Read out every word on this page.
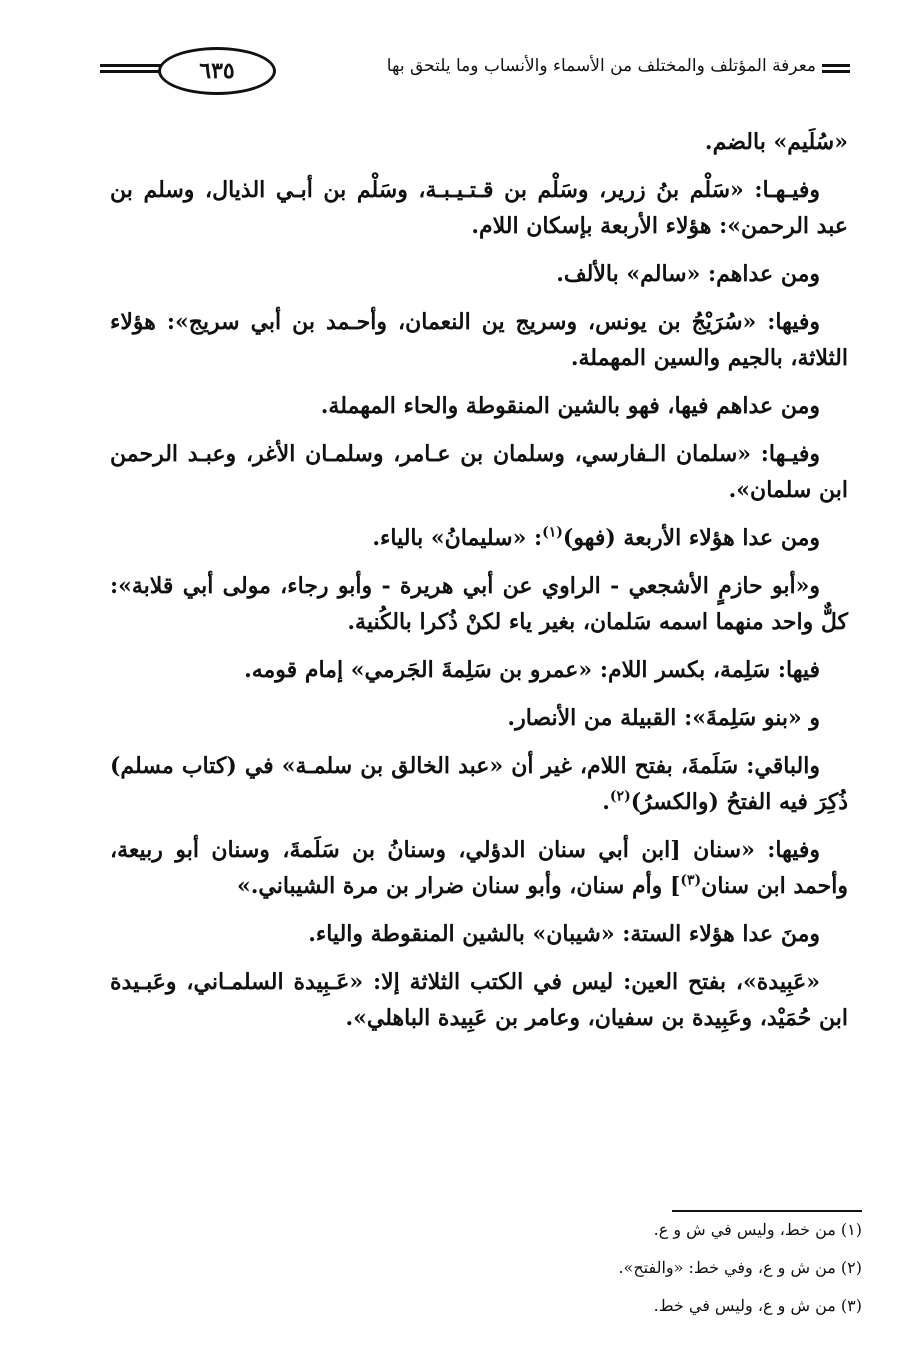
٦٣٥	معرفة المؤتلف والمختلف من الأسماء والأنساب وما يلتحق بها

«سُلَيم» بالضم.

وفيـهـا: «سَلْم بنُ زرير، وسَلْم بن قـتـيـبـة، وسَلْم بن أبـي الذيال، وسلم بن عبد الرحمن»: هؤلاء الأربعة بإسكان اللام.

ومن عداهم: «سالم» بالألف.

وفيها: «سُرَيْجُ بن يونس، وسريج ين النعمان، وأحـمد بن أبي سريج»: هؤلاء الثلاثة، بالجيم والسين المهملة.

ومن عداهم فيها، فهو بالشين المنقوطة والحاء المهملة.

وفيـها: «سلمان الـفارسي، وسلمان بن عـامر، وسلمـان الأغر، وعبـد الرحمن ابن سلمان».

ومن عدا هؤلاء الأربعة (فهو)$^{(١)}$: «سليمانُ» بالياء.

و«أبو حازمٍ الأشجعي - الراوي عن أبي هريرة - وأبو رجاء، مولى أبي قلابة»: كلٌّ واحد منهما اسمه سَلمان، بغير ياء لكنْ ذُكرا بالكُنية.

فيها: سَلِمة، بكسر اللام: «عمرو بن سَلِمةَ الجَرمي» إمام قومه.

و «بنو سَلِمةَ»: القبيلة من الأنصار.

والباقي: سَلَمةَ، بفتح اللام، غير أن «عبد الخالق بن سلمـة» في (كتاب مسلم) ذُكِرَ فيه الفتحُ (والكسرُ)$^{(٢)}$.

وفيها: «سنان [ابن أبي سنان الدؤلي، وسنانُ بن سَلَمةَ، وسنان أبو ربيعة، وأحمد ابن سنان$^{(٣)}$] وأم سنان، وأبو سنان ضرار بن مرة الشيباني.»

ومنَ عدا هؤلاء الستة: «شيبان» بالشين المنقوطة والياء.

«عَبِيدة»، بفتح العين: ليس في الكتب الثلاثة إلا: «عَـبِيدة السلمـاني، وعَبـيدة ابن حُمَيْد، وعَبِيدة بن سفيان، وعامر بن عَبِيدة الباهلي».

(١) من خط، وليس في ش و ع.

(٢) من ش و ع، وفي خط: «والفتح».

(٣) من ش و ع، وليس في خط.
